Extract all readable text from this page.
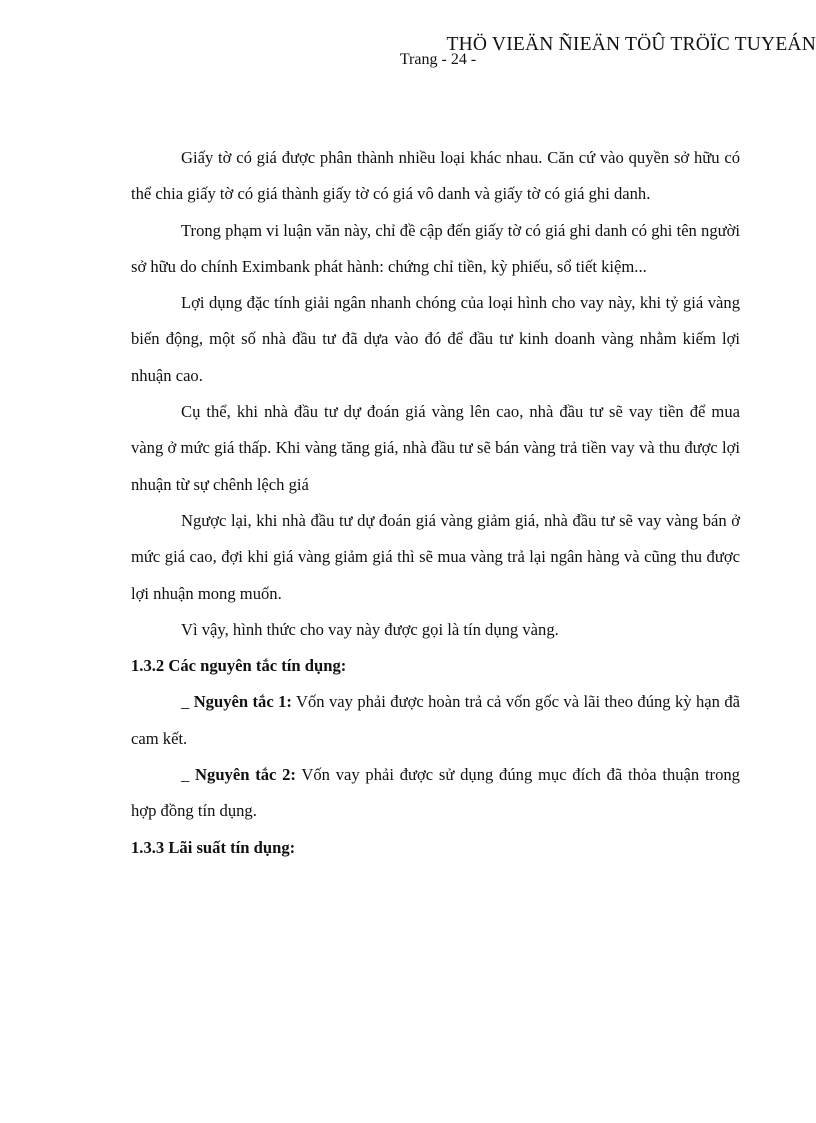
THÖ VIEÄN ÑIEÄN TÖÛ TRÖÏC TUYEÁN
Trang - 24 -

Giấy tờ có giá được phân thành nhiều loại khác nhau. Căn cứ vào quyền sở hữu có thể chia giấy tờ có giá thành giấy tờ có giá vô danh và giấy tờ có giá ghi danh.

Trong phạm vi luận văn này, chỉ đề cập đến giấy tờ có giá ghi danh có ghi tên người sở hữu do chính Eximbank phát hành: chứng chỉ tiền, kỳ phiếu, sổ tiết kiệm...

Lợi dụng đặc tính giải ngân nhanh chóng của loại hình cho vay này, khi tỷ giá vàng biến động, một số nhà đầu tư đã dựa vào đó để đầu tư kinh doanh vàng nhằm kiếm lợi nhuận cao.

Cụ thể, khi nhà đầu tư dự đoán giá vàng lên cao, nhà đầu tư sẽ vay tiền để mua vàng ở mức giá thấp. Khi vàng tăng giá, nhà đầu tư sẽ bán vàng trả tiền vay và thu được lợi nhuận từ sự chênh lệch giá

Ngược lại, khi nhà đầu tư dự đoán giá vàng giảm giá, nhà đầu tư sẽ vay vàng bán ở mức giá cao, đợi khi giá vàng giảm giá thì sẽ mua vàng trả lại ngân hàng và cũng thu được lợi nhuận mong muốn.

Vì vậy, hình thức cho vay này được gọi là tín dụng vàng.

1.3.2 Các nguyên tắc tín dụng:

_ Nguyên tắc 1: Vốn vay phải được hoàn trả cả vốn gốc và lãi theo đúng kỳ hạn đã cam kết.

_ Nguyên tắc 2: Vốn vay phải được sử dụng đúng mục đích đã thỏa thuận trong hợp đồng tín dụng.

1.3.3 Lãi suất tín dụng:
